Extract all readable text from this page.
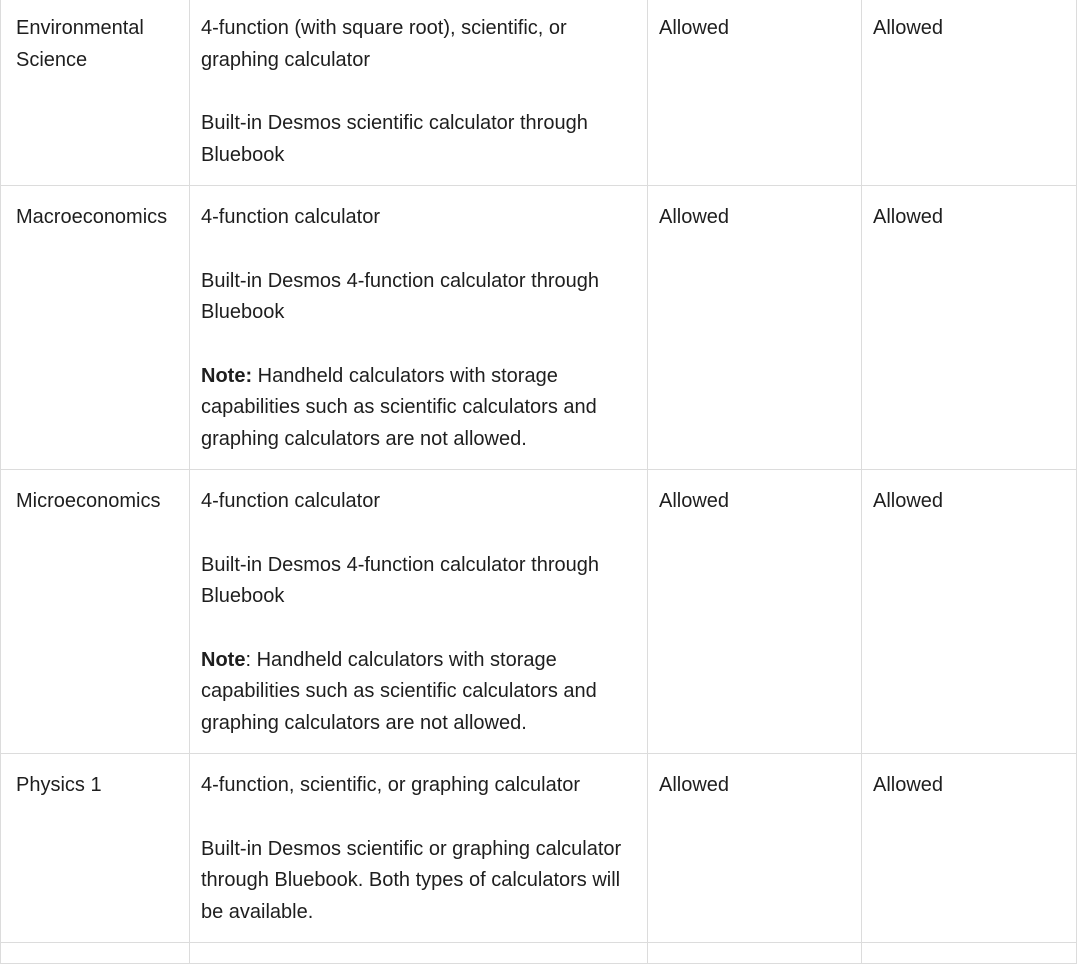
Environmental Science	4-function (with square root), scientific, or graphing calculator

Built-in Desmos scientific calculator through Bluebook	Allowed	Allowed
Macroeconomics	4-function calculator

Built-in Desmos 4-function calculator through Bluebook

Note: Handheld calculators with storage capabilities such as scientific calculators and graphing calculators are not allowed.	Allowed	Allowed
Microeconomics	4-function calculator

Built-in Desmos 4-function calculator through Bluebook

Note: Handheld calculators with storage capabilities such as scientific calculators and graphing calculators are not allowed.	Allowed	Allowed
Physics 1	4-function, scientific, or graphing calculator

Built-in Desmos scientific or graphing calculator through Bluebook. Both types of calculators will be available.	Allowed	Allowed
